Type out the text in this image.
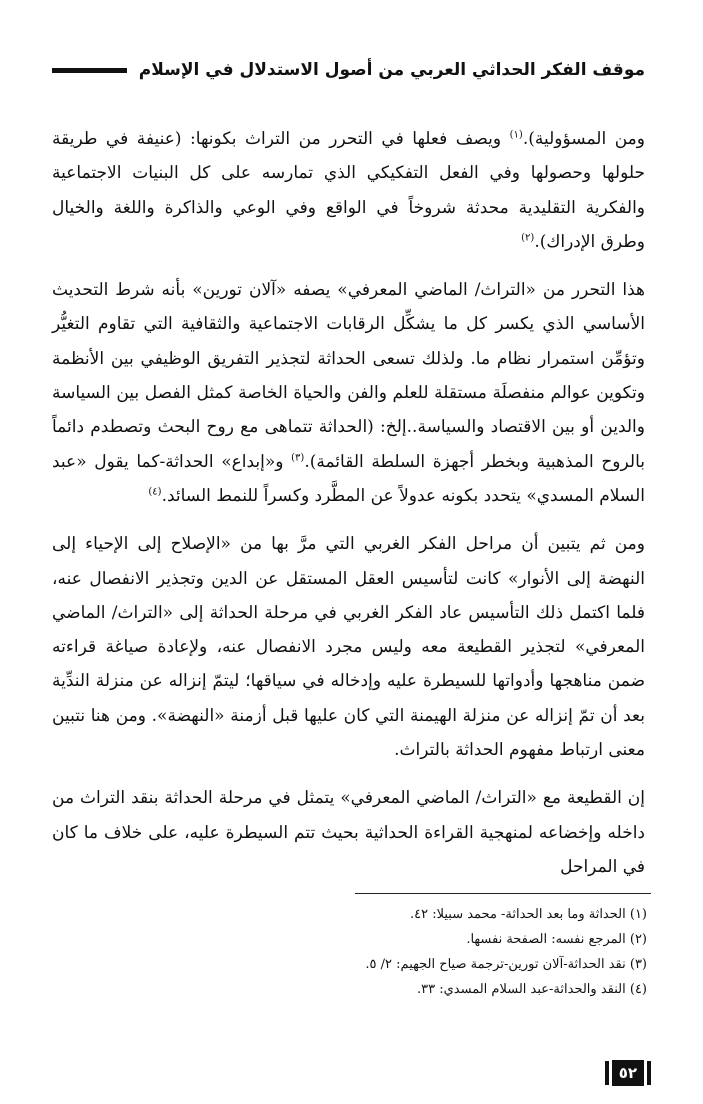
موقف الفكر الحداثي العربي من أصول الاستدلال في الإسلام

ومن المسؤولية).$^{(١)}$ ويصف فعلها في التحرر من التراث بكونها: (عنيفة في طريقة حلولها وحصولها وفي الفعل التفكيكي الذي تمارسه على كل البنيات الاجتماعية والفكرية التقليدية محدثة شروخاً في الواقع وفي الوعي والذاكرة واللغة والخيال وطرق الإدراك).$^{(٢)}$

هذا التحرر من «التراث/ الماضي المعرفي» يصفه «آلان تورين» بأنه شرط التحديث الأساسي الذي يكسر كل ما يشكِّل الرقابات الاجتماعية والثقافية التي تقاوم التغيُّر وتؤمِّن استمرار نظام ما. ولذلك تسعى الحداثة لتجذير التفريق الوظيفي بين الأنظمة وتكوين عوالم منفصلَة مستقلة للعلم والفن والحياة الخاصة كمثل الفصل بين السياسة والدين أو بين الاقتصاد والسياسة..إلخ: (الحداثة تتماهى مع روح البحث وتصطدم دائماً بالروح المذهبية وبخطر أجهزة السلطة القائمة).$^{(٣)}$ و«إبداع» الحداثة-كما يقول «عبد السلام المسدي» يتحدد بكونه عدولاً عن المطَّرد وكسراً للنمط السائد.$^{(٤)}$

ومن ثم يتبين أن مراحل الفكر الغربي التي مرَّ بها من «الإصلاح إلى الإحياء إلى النهضة إلى الأنوار» كانت لتأسيس العقل المستقل عن الدين وتجذير الانفصال عنه، فلما اكتمل ذلك التأسيس عاد الفكر الغربي في مرحلة الحداثة إلى «التراث/ الماضي المعرفي» لتجذير القطيعة معه وليس مجرد الانفصال عنه، ولإعادة صياغة قراءته ضمن مناهجها وأدواتها للسيطرة عليه وإدخاله في سياقها؛ ليتمّ إنزاله عن منزلة الندِّية بعد أن تمّ إنزاله عن منزلة الهيمنة التي كان عليها قبل أزمنة «النهضة». ومن هنا نتبين معنى ارتباط مفهوم الحداثة بالتراث.

إن القطيعة مع «التراث/ الماضي المعرفي» يتمثل في مرحلة الحداثة بنقد التراث من داخله وإخضاعه لمنهجية القراءة الحداثية بحيث تتم السيطرة عليه، على خلاف ما كان في المراحل

(١) الحداثة وما بعد الحداثة- محمد سبيلا: ٤٢.
(٢) المرجع نفسه: الصفحة نفسها.
(٣) نقد الحداثة-آلان تورين-ترجمة صياح الجهيم: ٢/ ٥.
(٤) النقد والحداثة-عبد السلام المسدي: ٣٣.
٥٢
